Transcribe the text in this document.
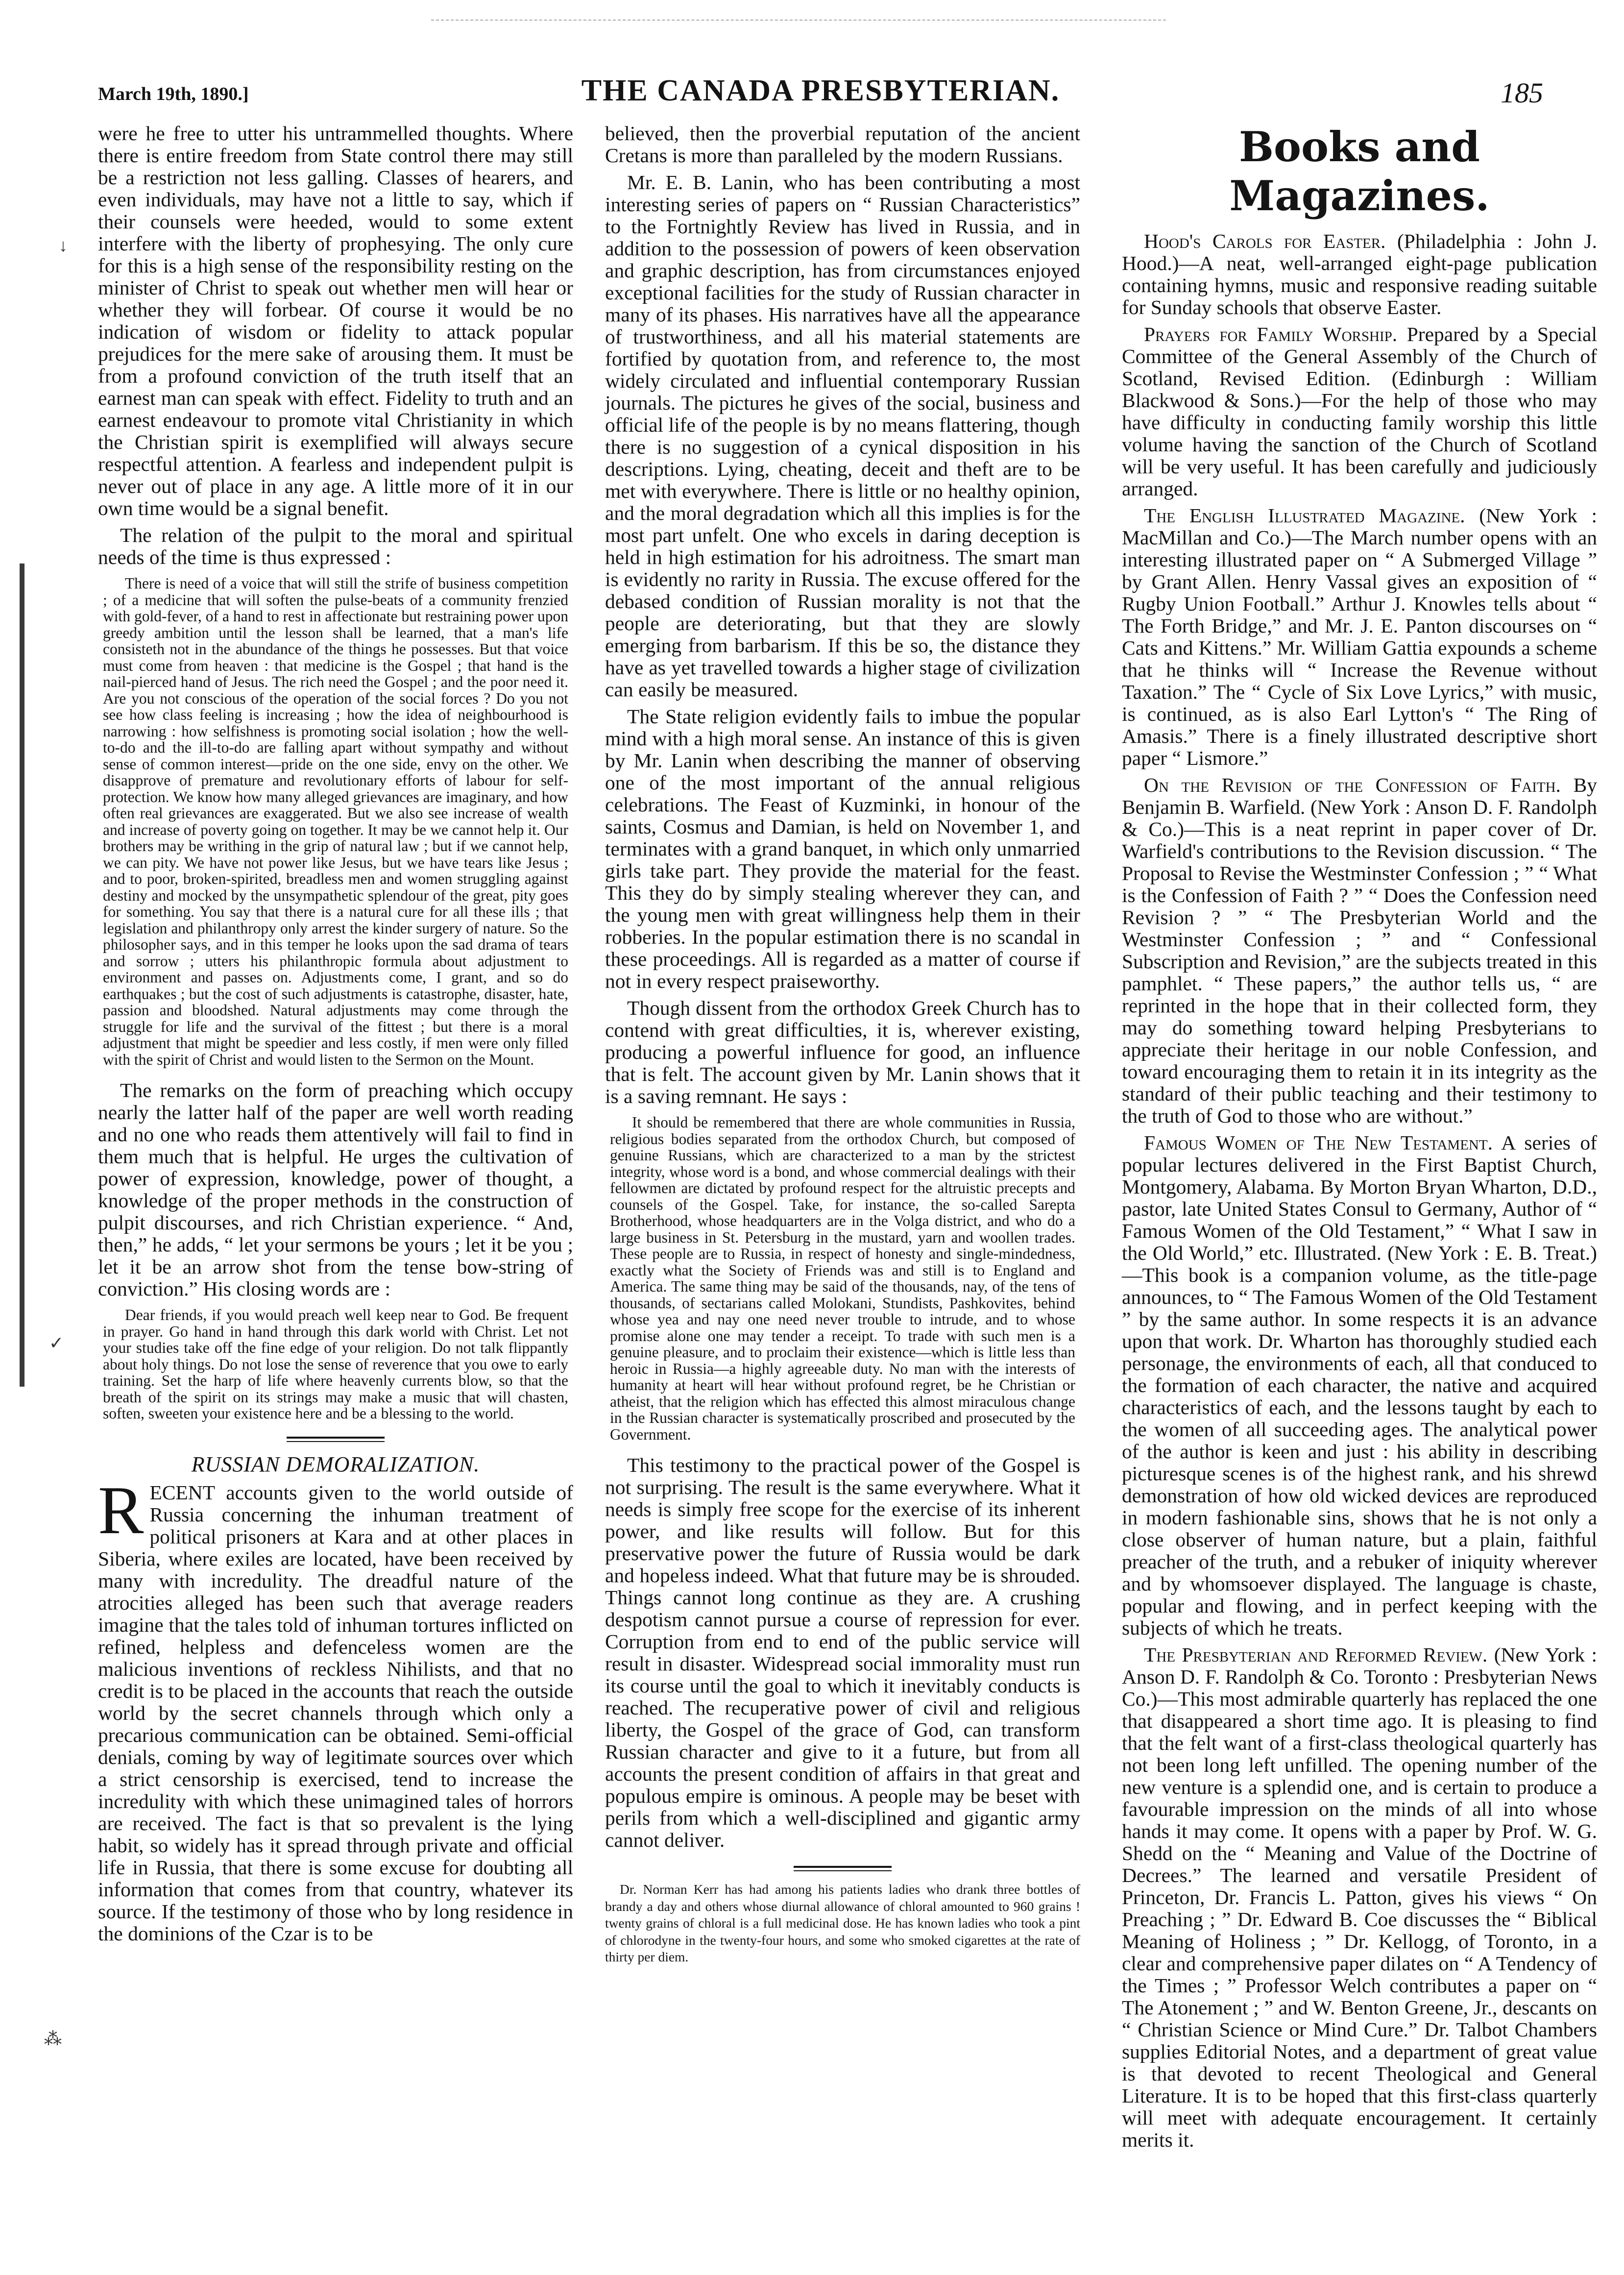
↓
✓
⁂
March 19th, 1890.]	THE CANADA PRESBYTERIAN.	185

were he free to utter his untrammelled thoughts. Where there is entire freedom from State control there may still be a restriction not less galling. Classes of hearers, and even individuals, may have not a little to say, which if their counsels were heeded, would to some extent interfere with the liberty of prophesying. The only cure for this is a high sense of the responsibility resting on the minister of Christ to speak out whether men will hear or whether they will forbear. Of course it would be no indication of wisdom or fidelity to attack popular prejudices for the mere sake of arousing them. It must be from a profound conviction of the truth itself that an earnest man can speak with effect. Fidelity to truth and an earnest endeavour to promote vital Christianity in which the Christian spirit is exemplified will always secure respectful attention. A fearless and independent pulpit is never out of place in any age. A little more of it in our own time would be a signal benefit.

The relation of the pulpit to the moral and spiritual needs of the time is thus expressed :

There is need of a voice that will still the strife of business competition ; of a medicine that will soften the pulse-beats of a community frenzied with gold-fever, of a hand to rest in affectionate but restraining power upon greedy ambition until the lesson shall be learned, that a man's life consisteth not in the abundance of the things he possesses. But that voice must come from heaven : that medicine is the Gospel ; that hand is the nail-pierced hand of Jesus. The rich need the Gospel ; and the poor need it. Are you not conscious of the operation of the social forces ? Do you not see how class feeling is increasing ; how the idea of neighbourhood is narrowing : how selfishness is promoting social isolation ; how the well-to-do and the ill-to-do are falling apart without sympathy and without sense of common interest—pride on the one side, envy on the other. We disapprove of premature and revolutionary efforts of labour for self-protection. We know how many alleged grievances are imaginary, and how often real grievances are exaggerated. But we also see increase of wealth and increase of poverty going on together. It may be we cannot help it. Our brothers may be writhing in the grip of natural law ; but if we cannot help, we can pity. We have not power like Jesus, but we have tears like Jesus ; and to poor, broken-spirited, breadless men and women struggling against destiny and mocked by the unsympathetic splendour of the great, pity goes for something. You say that there is a natural cure for all these ills ; that legislation and philanthropy only arrest the kinder surgery of nature. So the philosopher says, and in this temper he looks upon the sad drama of tears and sorrow ; utters his philanthropic formula about adjustment to environment and passes on. Adjustments come, I grant, and so do earthquakes ; but the cost of such adjustments is catastrophe, disaster, hate, passion and bloodshed. Natural adjustments may come through the struggle for life and the survival of the fittest ; but there is a moral adjustment that might be speedier and less costly, if men were only filled with the spirit of Christ and would listen to the Sermon on the Mount.

The remarks on the form of preaching which occupy nearly the latter half of the paper are well worth reading and no one who reads them attentively will fail to find in them much that is helpful. He urges the cultivation of power of expression, knowledge, power of thought, a knowledge of the proper methods in the construction of pulpit discourses, and rich Christian experience. “ And, then,” he adds, “ let your sermons be yours ; let it be you ; let it be an arrow shot from the tense bow-string of conviction.” His closing words are :

Dear friends, if you would preach well keep near to God. Be frequent in prayer. Go hand in hand through this dark world with Christ. Let not your studies take off the fine edge of your religion. Do not talk flippantly about holy things. Do not lose the sense of reverence that you owe to early training. Set the harp of life where heavenly currents blow, so that the breath of the spirit on its strings may make a music that will chasten, soften, sweeten your existence here and be a blessing to the world.

RUSSIAN DEMORALIZATION.

RECENT accounts given to the world outside of Russia concerning the inhuman treatment of political prisoners at Kara and at other places in Siberia, where exiles are located, have been received by many with incredulity. The dreadful nature of the atrocities alleged has been such that average readers imagine that the tales told of inhuman tortures inflicted on refined, helpless and defenceless women are the malicious inventions of reckless Nihilists, and that no credit is to be placed in the accounts that reach the outside world by the secret channels through which only a precarious communication can be obtained. Semi-official denials, coming by way of legitimate sources over which a strict censorship is exercised, tend to increase the incredulity with which these unimagined tales of horrors are received. The fact is that so prevalent is the lying habit, so widely has it spread through private and official life in Russia, that there is some excuse for doubting all information that comes from that country, whatever its source. If the testimony of those who by long residence in the dominions of the Czar is to be

believed, then the proverbial reputation of the ancient Cretans is more than paralleled by the modern Russians.

Mr. E. B. Lanin, who has been contributing a most interesting series of papers on “ Russian Characteristics” to the Fortnightly Review has lived in Russia, and in addition to the possession of powers of keen observation and graphic description, has from circumstances enjoyed exceptional facilities for the study of Russian character in many of its phases. His narratives have all the appearance of trustworthiness, and all his material statements are fortified by quotation from, and reference to, the most widely circulated and influential contemporary Russian journals. The pictures he gives of the social, business and official life of the people is by no means flattering, though there is no suggestion of a cynical disposition in his descriptions. Lying, cheating, deceit and theft are to be met with everywhere. There is little or no healthy opinion, and the moral degradation which all this implies is for the most part unfelt. One who excels in daring deception is held in high estimation for his adroitness. The smart man is evidently no rarity in Russia. The excuse offered for the debased condition of Russian morality is not that the people are deteriorating, but that they are slowly emerging from barbarism. If this be so, the distance they have as yet travelled towards a higher stage of civilization can easily be measured.

The State religion evidently fails to imbue the popular mind with a high moral sense. An instance of this is given by Mr. Lanin when describing the manner of observing one of the most important of the annual religious celebrations. The Feast of Kuzminki, in honour of the saints, Cosmus and Damian, is held on November 1, and terminates with a grand banquet, in which only unmarried girls take part. They provide the material for the feast. This they do by simply stealing wherever they can, and the young men with great willingness help them in their robberies. In the popular estimation there is no scandal in these proceedings. All is regarded as a matter of course if not in every respect praiseworthy.

Though dissent from the orthodox Greek Church has to contend with great difficulties, it is, wherever existing, producing a powerful influence for good, an influence that is felt. The account given by Mr. Lanin shows that it is a saving remnant. He says :

It should be remembered that there are whole communities in Russia, religious bodies separated from the orthodox Church, but composed of genuine Russians, which are characterized to a man by the strictest integrity, whose word is a bond, and whose commercial dealings with their fellowmen are dictated by profound respect for the altruistic precepts and counsels of the Gospel. Take, for instance, the so-called Sarepta Brotherhood, whose headquarters are in the Volga district, and who do a large business in St. Petersburg in the mustard, yarn and woollen trades. These people are to Russia, in respect of honesty and single-mindedness, exactly what the Society of Friends was and still is to England and America. The same thing may be said of the thousands, nay, of the tens of thousands, of sectarians called Molokani, Stundists, Pashkovites, behind whose yea and nay one need never trouble to intrude, and to whose promise alone one may tender a receipt. To trade with such men is a genuine pleasure, and to proclaim their existence—which is little less than heroic in Russia—a highly agreeable duty. No man with the interests of humanity at heart will hear without profound regret, be he Christian or atheist, that the religion which has effected this almost miraculous change in the Russian character is systematically proscribed and prosecuted by the Government.

This testimony to the practical power of the Gospel is not surprising. The result is the same everywhere. What it needs is simply free scope for the exercise of its inherent power, and like results will follow. But for this preservative power the future of Russia would be dark and hopeless indeed. What that future may be is shrouded. Things cannot long continue as they are. A crushing despotism cannot pursue a course of repression for ever. Corruption from end to end of the public service will result in disaster. Widespread social immorality must run its course until the goal to which it inevitably conducts is reached. The recuperative power of civil and religious liberty, the Gospel of the grace of God, can transform Russian character and give to it a future, but from all accounts the present condition of affairs in that great and populous empire is ominous. A people may be beset with perils from which a well-disciplined and gigantic army cannot deliver.

Dr. Norman Kerr has had among his patients ladies who drank three bottles of brandy a day and others whose diurnal allowance of chloral amounted to 960 grains ! twenty grains of chloral is a full medicinal dose. He has known ladies who took a pint of chlorodyne in the twenty-four hours, and some who smoked cigarettes at the rate of thirty per diem.

Books and Magazines.

Hood's Carols for Easter. (Philadelphia : John J. Hood.)—A neat, well-arranged eight-page publication containing hymns, music and responsive reading suitable for Sunday schools that observe Easter.

Prayers for Family Worship. Prepared by a Special Committee of the General Assembly of the Church of Scotland, Revised Edition. (Edinburgh : William Blackwood & Sons.)—For the help of those who may have difficulty in conducting family worship this little volume having the sanction of the Church of Scotland will be very useful. It has been carefully and judiciously arranged.

The English Illustrated Magazine. (New York : MacMillan and Co.)—The March number opens with an interesting illustrated paper on “ A Submerged Village ” by Grant Allen. Henry Vassal gives an exposition of “ Rugby Union Football.” Arthur J. Knowles tells about “ The Forth Bridge,” and Mr. J. E. Panton discourses on “ Cats and Kittens.” Mr. William Gattia expounds a scheme that he thinks will “ Increase the Revenue without Taxation.” The “ Cycle of Six Love Lyrics,” with music, is continued, as is also Earl Lytton's “ The Ring of Amasis.” There is a finely illustrated descriptive short paper “ Lismore.”

On the Revision of the Confession of Faith. By Benjamin B. Warfield. (New York : Anson D. F. Randolph & Co.)—This is a neat reprint in paper cover of Dr. Warfield's contributions to the Revision discussion. “ The Proposal to Revise the Westminster Confession ; ” “ What is the Confession of Faith ? ” “ Does the Confession need Revision ? ” “ The Presbyterian World and the Westminster Confession ; ” and “ Confessional Subscription and Revision,” are the subjects treated in this pamphlet. “ These papers,” the author tells us, “ are reprinted in the hope that in their collected form, they may do something toward helping Presbyterians to appreciate their heritage in our noble Confession, and toward encouraging them to retain it in its integrity as the standard of their public teaching and their testimony to the truth of God to those who are without.”

Famous Women of The New Testament. A series of popular lectures delivered in the First Baptist Church, Montgomery, Alabama. By Morton Bryan Wharton, D.D., pastor, late United States Consul to Germany, Author of “ Famous Women of the Old Testament,” “ What I saw in the Old World,” etc. Illustrated. (New York : E. B. Treat.)—This book is a companion volume, as the title-page announces, to “ The Famous Women of the Old Testament ” by the same author. In some respects it is an advance upon that work. Dr. Wharton has thoroughly studied each personage, the environments of each, all that conduced to the formation of each character, the native and acquired characteristics of each, and the lessons taught by each to the women of all succeeding ages. The analytical power of the author is keen and just : his ability in describing picturesque scenes is of the highest rank, and his shrewd demonstration of how old wicked devices are reproduced in modern fashionable sins, shows that he is not only a close observer of human nature, but a plain, faithful preacher of the truth, and a rebuker of iniquity wherever and by whomsoever displayed. The language is chaste, popular and flowing, and in perfect keeping with the subjects of which he treats.

The Presbyterian and Reformed Review. (New York : Anson D. F. Randolph & Co. Toronto : Presbyterian News Co.)—This most admirable quarterly has replaced the one that disappeared a short time ago. It is pleasing to find that the felt want of a first-class theological quarterly has not been long left unfilled. The opening number of the new venture is a splendid one, and is certain to produce a favourable impression on the minds of all into whose hands it may come. It opens with a paper by Prof. W. G. Shedd on the “ Meaning and Value of the Doctrine of Decrees.” The learned and versatile President of Princeton, Dr. Francis L. Patton, gives his views “ On Preaching ; ” Dr. Edward B. Coe discusses the “ Biblical Meaning of Holiness ; ” Dr. Kellogg, of Toronto, in a clear and comprehensive paper dilates on “ A Tendency of the Times ; ” Professor Welch contributes a paper on “ The Atonement ; ” and W. Benton Greene, Jr., descants on “ Christian Science or Mind Cure.” Dr. Talbot Chambers supplies Editorial Notes, and a department of great value is that devoted to recent Theological and General Literature. It is to be hoped that this first-class quarterly will meet with adequate encouragement. It certainly merits it.
